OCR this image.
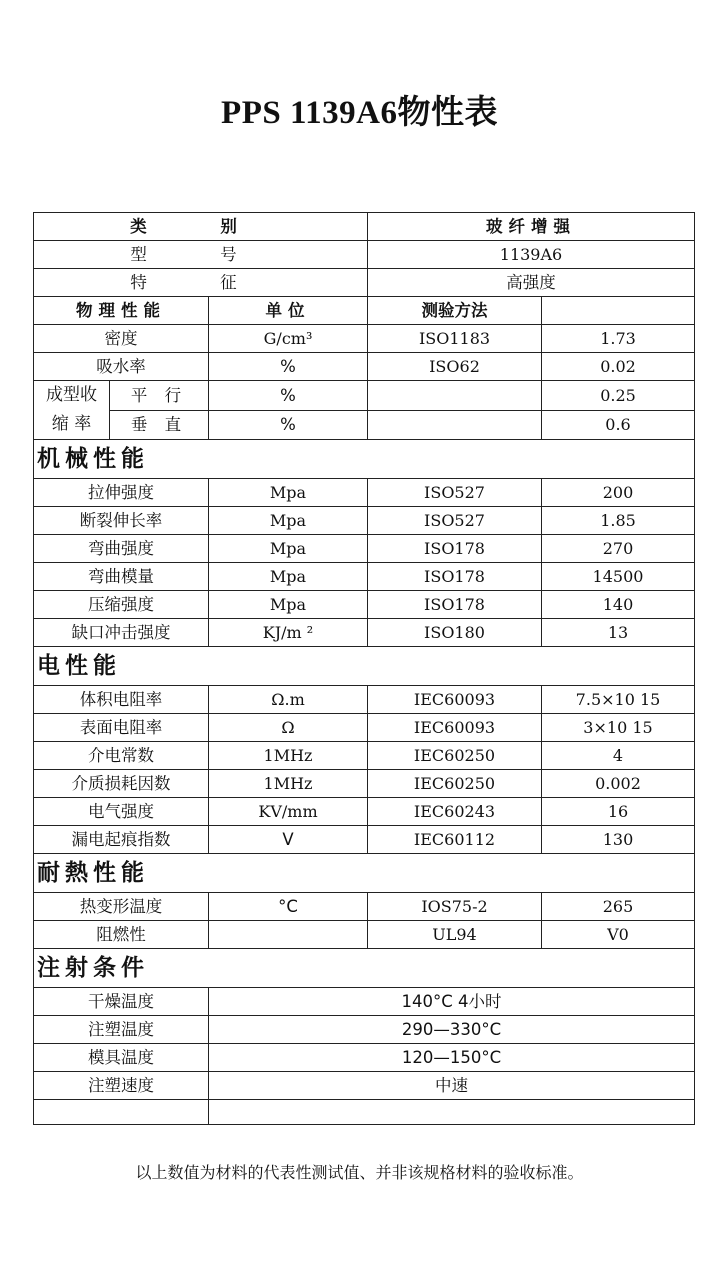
PPS 1139A6物性表
类 别			玻纤增强	
型 号			1139A6	
特 征			高强度	
物理性能		单位	测验方法	
密度		G/cm³	ISO1183	1.73
吸水率		%	ISO62	0.02
成型收
缩 率	平 行	%		0.25
	垂 直	%		0.6
机械性能				
拉伸强度		Mpa	ISO527	200
断裂伸长率		Mpa	ISO527	1.85
弯曲强度		Mpa	ISO178	270
弯曲模量		Mpa	ISO178	14500
压缩强度		Mpa	ISO178	140
缺口冲击强度		KJ/m ²	ISO180	13
电性能				
体积电阻率		Ω.m	IEC60093	7.5×10 15
表面电阻率		Ω	IEC60093	3×10 15
介电常数		1MHz	IEC60250	4
介质损耗因数		1MHz	IEC60250	0.002
电气强度		KV/mm	IEC60243	16
漏电起痕指数		V	IEC60112	130
耐熱性能				
热变形温度		°C	IOS75-2	265
阻燃性			UL94	V0
注射条件				
干燥温度		140°C 4小时		
注塑温度		290—330°C		
模具温度		120—150°C		
注塑速度		中速		

以上数值为材料的代表性测试值、并非该规格材料的验收标准。
